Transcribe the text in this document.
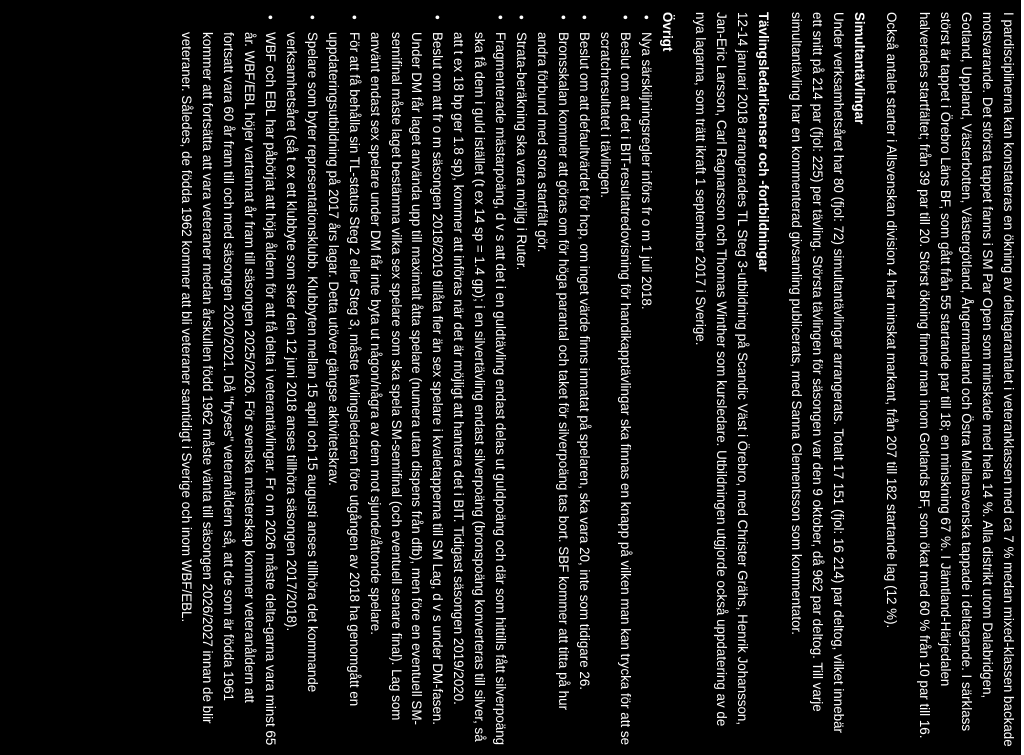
I pardisciplinerna kan konstateras en ökning av deltagarantalet i veteranklassen med ca 7 % medan mixed-klassen backade motsvarande. Det största tappet fanns i SM Par Open som minskade med hela 14 %. Alla distrikt utom Dalabridgen, Gotland, Uppland, Västerbotten, Västergötland, Ångermanland och Östra Mellansvenska tappade i deltagande. I särklass störst är tappet i Örebro Läns BF, som gått från 55 startande par till 18; en minskning 67 %. I Jämtland-Härjedalen halverades startfältet; från 39 par till 20. Störst ökning finner man inom Gotlands BF, som ökat med 60 % från 10 par till 16.

Också antalet starter i Allsvenskan division 4 har minskat markant, från 207 till 182 startande lag (12 %).

Simultantävlingar

Under verksamhetsåret har 80 (fjol: 72) simultantävlingar arrangerats. Totalt 17 151 (fjol: 16 214) par deltog, vilket innebär ett snitt på 214 par (fjol: 225) per tävling. Största tävlingen för säsongen var den 9 oktober, då 962 par deltog. Till varje simultantävling har en kommenterad givsamling publicerats, med Sanna Clementsson som kommentator.

Tävlingsledarlicenser och -fortbildningar

12-14 januari 2018 arrangerades TL Steg 3-utbildning på Scandic Väst i Örebro, med Christer Grähs, Henrik Johansson, Jan-Eric Larsson, Carl Ragnarsson och Thomas Winther som kursledare. Utbildningen utgjorde också uppdatering av de nya lagarna, som trätt ikraft 1 september 2017 i Sverige.

Övrigt
• Nya särskiljningsregler införs fr o m 1 juli 2018.
• Beslut om att det i BIT-resultatredovisning för handikapptävlingar ska finnas en knapp på vilken man kan trycka för att se scratchresultatet i tävlingen.
• Beslut om att defaultvärdet för hcp, om inget värde finns inmatat på spelaren, ska vara 20, inte som tidigare 26.
• Bronsskalan kommer att göras om för höga parantal och taket för silverpoäng tas bort. SBF kommer att titta på hur andra förbund med stora startfält gör.
• Strata-beräkning ska vara möjlig i Ruter.
• Fragmenterade mästarpoäng, d v s att det i en guldtävling endast delas ut guldpoäng och där som hittills fått silverpoäng ska få dem i guld istället (t ex 14 sp = 1.4 gp); i en silvertävling endast silverpoäng (bronspoäng konverteras till silver, så att t ex 18 bp ger 1.8 sp), kommer att införas när det är möjligt att hantera det i BIT. Tidigast säsongen 2019/2020.
• Beslut om att fr o m säsongen 2018/2019 tillåta fler än sex spelare i kvaletapperna till SM Lag, d v s under DM-fasen. Under DM får laget använda upp till maximalt åtta spelare (numera utan dispens från dfb), men före en eventuell SM-semifinal måste laget bestämma vilka sex spelare som ska spela SM-semifinal (och eventuell senare final). Lag som använt endast sex spelare under DM får inte byta ut någon/några av dem mot sjunde/åttonde spelare.
• För att få behålla sin TL-status Steg 2 eller Steg 3, måste tävlingsledaren före utgången av 2018 ha genomgått en uppdateringsutbildning på 2017 års lagar. Detta utöver gängse aktivitetskrav.
• Spelare som byter representationsklubb. Klubbyten mellan 15 april och 15 augusti anses tillhöra det kommande verksamhetsåret (så t ex ett klubbyte som sker den 12 juni 2018 anses tillhöra säsongen 2017/2018).
• WBF och EBL har påbörjat att höja åldern för att få delta i veterantävlingar. Fr o m 2026 måste delta-garna vara minst 65 år. WBF/EBL höjer vartannat år fram till säsongen 2025/2026. För svenska mästerskap kommer veteranåldern att fortsatt vara 60 år fram till och med säsongen 2020/2021. Då "fryses" veteranåldern så, att de som är födda 1961 kommer att fortsätta att vara veteraner medan årskullen född 1962 måste vänta till säsongen 2026/2027 innan de blir veteraner. Således, de födda 1962 kommer att bli veteraner samtidigt i Sverige och inom WBF/EBL.
